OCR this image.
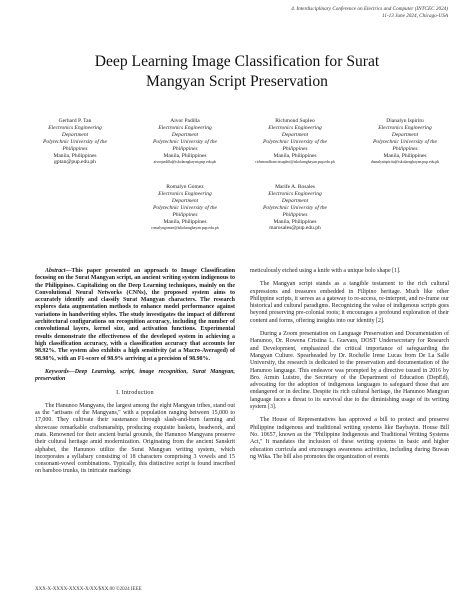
4. Interdisciplinary Conference on Electrics and Computer (INTCEC 2024)
11-13 June 2024, Chicago-USA
Deep Learning Image Classification for Surat
Mangyan Script Preservation
Gerhard P. Tan
Electronics Engineering
Department
Polytechnic University of the
Philippines
Manila, Philippines
gptan@pup.edu.ph
Aivor Padilla
Electronics Engineering
Department
Polytechnic University of the
Philippines
Manila, Philippines
aivorpadilla@iskolarngbayan.pup.edu.ph
Richmond Supleo
Electronics Engineering
Department
Polytechnic University of the
Philippines
Manila, Philippines
richmondfrancissupleo@iskolarngbayan.pup.edu.ph
Dianalyn Ispiritu
Electronics Engineering
Department
Polytechnic University of the
Philippines
Manila, Philippines
dianalynispiritu@iskolarngbayan.pup.edu.ph
Romalyn Gomez
Electronics Engineering
Department
Polytechnic University of the
Philippines
Manila, Philippines
romalyngomez@iskolarngbayan.pup.edu.ph
Marife A. Rosales
Electronics Engineering
Department
Polytechnic University of the
Philippines
Manila, Philippines
marosales@pup.edu.ph

Abstract—This paper presented an approach to Image Classification focusing on the Surat Mangyan script, an ancient writing system indigenous to the Philippines. Capitalizing on the Deep Learning techniques, mainly on the Convolutional Neural Networks (CNNs), the proposed system aims to accurately identify and classify Surat Mangyan characters. The research explores data augmentation methods to enhance model performance against variations in handwriting styles. The study investigates the impact of different architectural configurations on recognition accuracy, including the number of convolutional layers, kernel size, and activation functions. Experimental results demonstrate the effectiveness of the developed system in achieving a high classification accuracy, with a classification accuracy that accounts for 98.92%. The system also exhibits a high sensitivity (at a Macro-Averaged) of 98.98%, with an F1-score of 98.9% arriving at a precision of 98.98%.

Keywords—Deep Learning, script, image recognition, Surat Mangyan, preservation

I. Introduction

The Hanunoo Mangyans, the largest among the eight Mangyan tribes, stand out as the "artisans of the Mangyans," with a population ranging between 15,000 to 17,000. They cultivate their sustenance through slash-and-burn farming and showcase remarkable craftsmanship, producing exquisite baskets, beadwork, and mats. Renowned for their ancient burial grounds, the Hanunoo Mangyans preserve their cultural heritage amid modernization. Originating from the ancient Sanskrit alphabet, the Hanunoo utilize the Surat Mangyan writing system, which incorporates a syllabary consisting of 18 characters comprising 3 vowels and 15 consonant-vowel combinations. Typically, this distinctive script is found inscribed on bamboo trunks, its intricate markings

meticulously etched using a knife with a unique bolo shape [1].

The Mangyan script stands as a tangible testament to the rich cultural expressions and treasures embedded in Filipino heritage. Much like other Philippine scripts, it serves as a gateway to re-access, re-interpret, and re-frame our historical and cultural paradigms. Recognizing the value of indigenous scripts goes beyond preserving pre-colonial roots; it encourages a profound exploration of their content and forms, offering insights into our identity [2].

During a Zoom presentation on Language Preservation and Documentation of Hanunoo, Dr. Rowena Cristina L. Guevara, DOST Undersecretary for Research and Development, emphasized the critical importance of safeguarding the Mangyan Culture. Spearheaded by Dr. Rochelle Irene Lucas from De La Salle University, the research is dedicated to the preservation and documentation of the Hanunoo language. This endeavor was prompted by a directive issued in 2016 by Bro. Armin Luistro, the Secretary of the Department of Education (DepEd), advocating for the adoption of indigenous languages to safeguard those that are endangered or in decline. Despite its rich cultural heritage, the Hanunoo Mangyan language faces a threat to its survival due to the diminishing usage of its writing system [3].

The House of Representatives has approved a bill to protect and preserve Philippine indigenous and traditional writing systems like Baybayin. House Bill No. 10657, known as the "Philippine Indigenous and Traditional Writing Systems Act," It mandates the inclusion of these writing systems in basic and higher education curricula and encourages awareness activities, including during Buwan ng Wika. The bill also promotes the organization of events

XXX-X-XXXX-XXXX-X/XX/$XX.00 ©2024 IEEE
